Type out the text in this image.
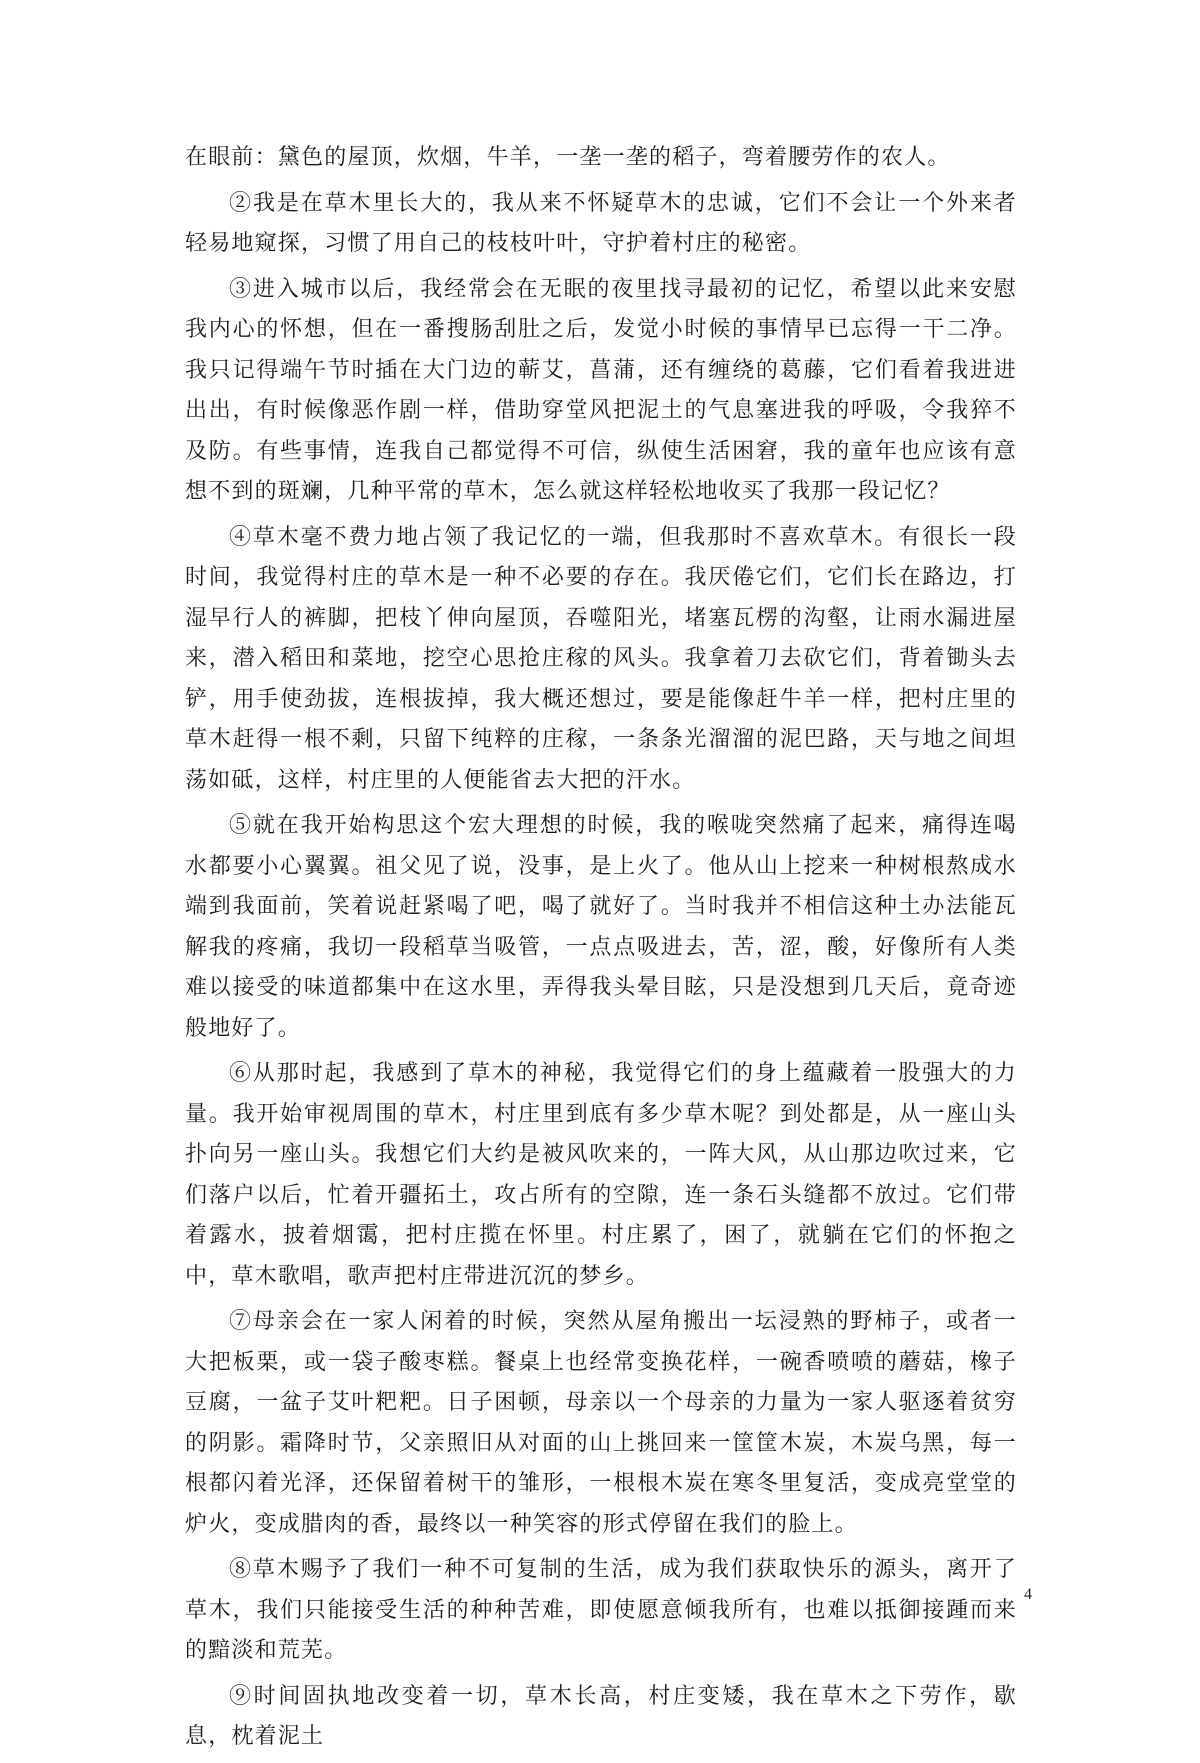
在眼前：黛色的屋顶，炊烟，牛羊，一垄一垄的稻子，弯着腰劳作的农人。

②我是在草木里长大的，我从来不怀疑草木的忠诚，它们不会让一个外来者轻易地窥探，习惯了用自己的枝枝叶叶，守护着村庄的秘密。

③进入城市以后，我经常会在无眠的夜里找寻最初的记忆，希望以此来安慰我内心的怀想，但在一番搜肠刮肚之后，发觉小时候的事情早已忘得一干二净。我只记得端午节时插在大门边的蕲艾，菖蒲，还有缠绕的葛藤，它们看着我进进出出，有时候像恶作剧一样，借助穿堂风把泥土的气息塞进我的呼吸，令我猝不及防。有些事情，连我自己都觉得不可信，纵使生活困窘，我的童年也应该有意想不到的斑斓，几种平常的草木，怎么就这样轻松地收买了我那一段记忆？

④草木毫不费力地占领了我记忆的一端，但我那时不喜欢草木。有很长一段时间，我觉得村庄的草木是一种不必要的存在。我厌倦它们，它们长在路边，打湿早行人的裤脚，把枝丫伸向屋顶，吞噬阳光，堵塞瓦楞的沟壑，让雨水漏进屋来，潜入稻田和菜地，挖空心思抢庄稼的风头。我拿着刀去砍它们，背着锄头去铲，用手使劲拔，连根拔掉，我大概还想过，要是能像赶牛羊一样，把村庄里的草木赶得一根不剩，只留下纯粹的庄稼，一条条光溜溜的泥巴路，天与地之间坦荡如砥，这样，村庄里的人便能省去大把的汗水。

⑤就在我开始构思这个宏大理想的时候，我的喉咙突然痛了起来，痛得连喝水都要小心翼翼。祖父见了说，没事，是上火了。他从山上挖来一种树根熬成水端到我面前，笑着说赶紧喝了吧，喝了就好了。当时我并不相信这种土办法能瓦解我的疼痛，我切一段稻草当吸管，一点点吸进去，苦，涩，酸，好像所有人类难以接受的味道都集中在这水里，弄得我头晕目眩，只是没想到几天后，竟奇迹般地好了。

⑥从那时起，我感到了草木的神秘，我觉得它们的身上蕴藏着一股强大的力量。我开始审视周围的草木，村庄里到底有多少草木呢？到处都是，从一座山头扑向另一座山头。我想它们大约是被风吹来的，一阵大风，从山那边吹过来，它们落户以后，忙着开疆拓土，攻占所有的空隙，连一条石头缝都不放过。它们带着露水，披着烟霭，把村庄揽在怀里。村庄累了，困了，就躺在它们的怀抱之中，草木歌唱，歌声把村庄带进沉沉的梦乡。

⑦母亲会在一家人闲着的时候，突然从屋角搬出一坛浸熟的野柿子，或者一大把板栗，或一袋子酸枣糕。餐桌上也经常变换花样，一碗香喷喷的蘑菇，橡子豆腐，一盆子艾叶粑粑。日子困顿，母亲以一个母亲的力量为一家人驱逐着贫穷的阴影。霜降时节，父亲照旧从对面的山上挑回来一筐筐木炭，木炭乌黑，每一根都闪着光泽，还保留着树干的雏形，一根根木炭在寒冬里复活，变成亮堂堂的炉火，变成腊肉的香，最终以一种笑容的形式停留在我们的脸上。

⑧草木赐予了我们一种不可复制的生活，成为我们获取快乐的源头，离开了草木，我们只能接受生活的种种苦难，即使愿意倾我所有，也难以抵御接踵而来的黯淡和荒芜。

⑨时间固执地改变着一切，草木长高，村庄变矮，我在草木之下劳作，歇息，枕着泥土

4
